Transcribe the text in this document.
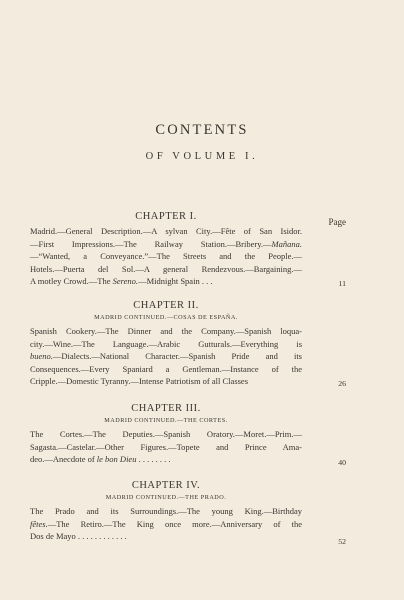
CONTENTS
OF VOLUME I.
Page
CHAPTER I.
Madrid.—General Description.—A sylvan City.—Fête of San Isidor.
—First Impressions.—The Railway Station.—Bribery.—Mañana.
—“Wanted, a Conveyance.”—The Streets and the People.—
Hotels.—Puerta del Sol.—A general Rendezvous.—Bargaining.—
A motley Crowd.—The Sereno.—Midnight Spain . . .	11
CHAPTER II.
MADRID CONTINUED.—COSAS DE ESPAÑA.
Spanish Cookery.—The Dinner and the Company.—Spanish loqua-
city.—Wine.—The Language.—Arabic Gutturals.—Everything is
bueno.—Dialects.—National Character.—Spanish Pride and its
Consequences.—Every Spaniard a Gentleman.—Instance of the
Cripple.—Domestic Tyranny.—Intense Patriotism of all Classes	26
CHAPTER III.
MADRID CONTINUED.—THE CORTES.
The Cortes.—The Deputies.—Spanish Oratory.—Moret.—Prim.—
Sagasta.—Castelar.—Other Figures.—Topete and Prince Ama-
deo.—Anecdote of le bon Dieu . . . . . . . .	40
CHAPTER IV.
MADRID CONTINUED.—THE PRADO.
The Prado and its Surroundings.—The young King.—Birthday
fêtes.—The Retiro.—The King once more.—Anniversary of the
Dos de Mayo . . . . . . . . . . . .
52
